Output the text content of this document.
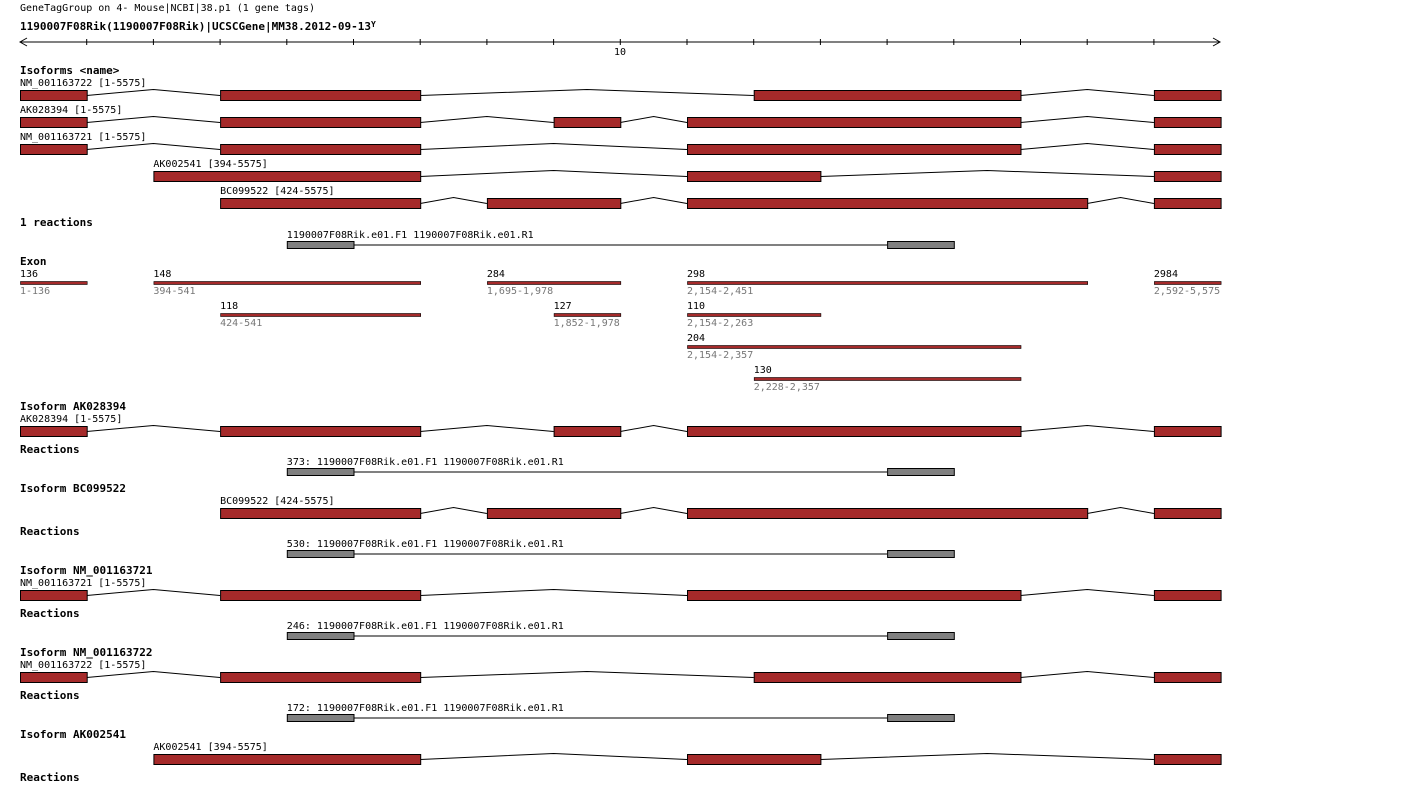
GeneTagGroup on 4- Mouse|NCBI|38.p1 (1 gene tags)
$1190007F08Rik(1190007F08Rik)|UCSCGene|MM38.2012-09-13^Y$
10
Isoforms <name>
NM_001163722 [1-5575]
AK028394 [1-5575]
NM_001163721 [1-5575]
AK002541 [394-5575]
BC099522 [424-5575]
1 reactions
1190007F08Rik.e01.F1 1190007F08Rik.e01.R1
Exon
136
1-136
148
394-541
284
1,695-1,978
298
2,154-2,451
2984
2,592-5,575
118
424-541
127
1,852-1,978
110
2,154-2,263
204
2,154-2,357
130
2,228-2,357
Isoform AK028394
AK028394 [1-5575]
Reactions
373: 1190007F08Rik.e01.F1 1190007F08Rik.e01.R1
Isoform BC099522
BC099522 [424-5575]
Reactions
530: 1190007F08Rik.e01.F1 1190007F08Rik.e01.R1
Isoform NM_001163721
NM_001163721 [1-5575]
Reactions
246: 1190007F08Rik.e01.F1 1190007F08Rik.e01.R1
Isoform NM_001163722
NM_001163722 [1-5575]
Reactions
172: 1190007F08Rik.e01.F1 1190007F08Rik.e01.R1
Isoform AK002541
AK002541 [394-5575]
Reactions
